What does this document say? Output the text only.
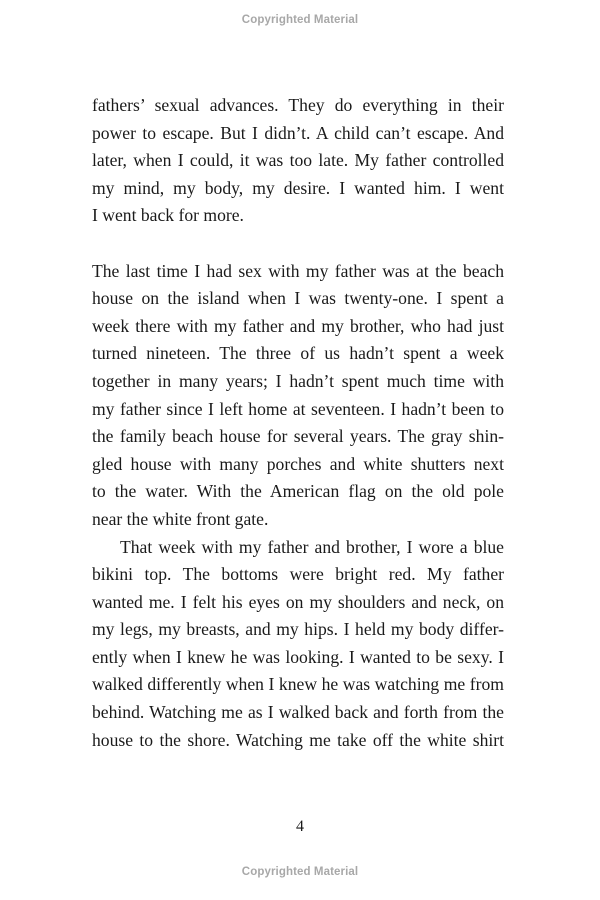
Copyrighted Material
fathers’ sexual advances. They do everything in their
power to escape. But I didn’t. A child can’t escape. And
later, when I could, it was too late. My father controlled
my mind, my body, my desire. I wanted him. I went
I went back for more.
The last time I had sex with my father was at the beach
house on the island when I was twenty-one. I spent a
week there with my father and my brother, who had just
turned nineteen. The three of us hadn’t spent a week
together in many years; I hadn’t spent much time with
my father since I left home at seventeen. I hadn’t been to
the family beach house for several years. The gray shin-
gled house with many porches and white shutters next
to the water. With the American flag on the old pole
near the white front gate.
That week with my father and brother, I wore a blue
bikini top. The bottoms were bright red. My father
wanted me. I felt his eyes on my shoulders and neck, on
my legs, my breasts, and my hips. I held my body differ-
ently when I knew he was looking. I wanted to be sexy. I
walked differently when I knew he was watching me from
behind. Watching me as I walked back and forth from the
house to the shore. Watching me take off the white shirt
4
Copyrighted Material
